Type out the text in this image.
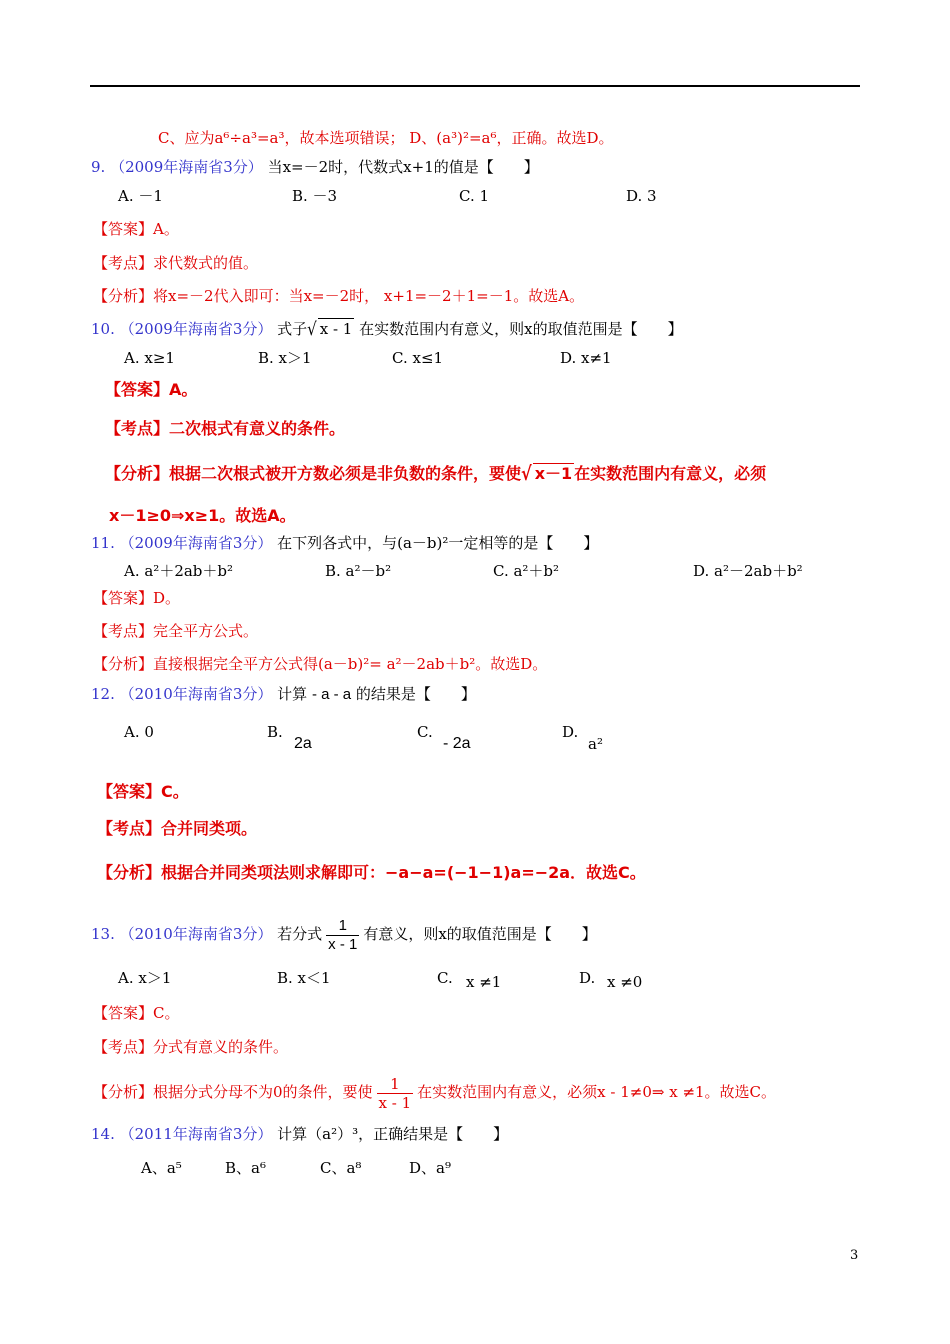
C、应为a⁶÷a³=a³，故本选项错误； D、(a³)²=a⁶，正确。故选D。
9. （2009年海南省3分） 当x=－2时，代数式x+1的值是【　　】
A. －1	B. －3	C. 1	D. 3
【答案】A。
【考点】求代数式的值。
【分析】将x=－2代入即可：当x=－2时， x+1=－2＋1=－1。故选A。
10. （2009年海南省3分） 式子√ x - 1 在实数范围内有意义，则x的取值范围是【　　】
A. x≥1	B. x＞1	C. x≤1	D. x≠1
【答案】A。
【考点】二次根式有意义的条件。
【分析】根据二次根式被开方数必须是非负数的条件，要使√ x－1 在实数范围内有意义，必须
x－1≥0⇒x≥1。故选A。
11. （2009年海南省3分） 在下列各式中，与(a－b)²一定相等的是【　　】
A. a²＋2ab＋b²	B. a²－b²	C. a²＋b²	D. a²－2ab＋b²
【答案】D。
【考点】完全平方公式。
【分析】直接根据完全平方公式得(a－b)²= a²－2ab＋b²。故选D。
12. （2010年海南省3分） 计算 - a - a 的结果是【　　】
A. 0	B.
2a
C.
- 2a
D.
a²
【答案】C。
【考点】合并同类项。
【分析】根据合并同类项法则求解即可：−a−a=(−1−1)a=−2a．故选C。
13. （2010年海南省3分） 若分式 $\frac{1}{x - 1}$ 有意义，则x的取值范围是【　　】
A. x＞1	B. x＜1	C. x ≠1	D. x ≠0
【答案】C。
【考点】分式有意义的条件。
【分析】根据分式分母不为0的条件，要使 $\frac{1}{x - 1}$ 在实数范围内有意义，必须x - 1≠0⇒ x ≠1。故选C。
14. （2011年海南省3分） 计算（a²）³，正确结果是【　　】
A、a⁵	B、a⁶	C、a⁸	D、a⁹
3
